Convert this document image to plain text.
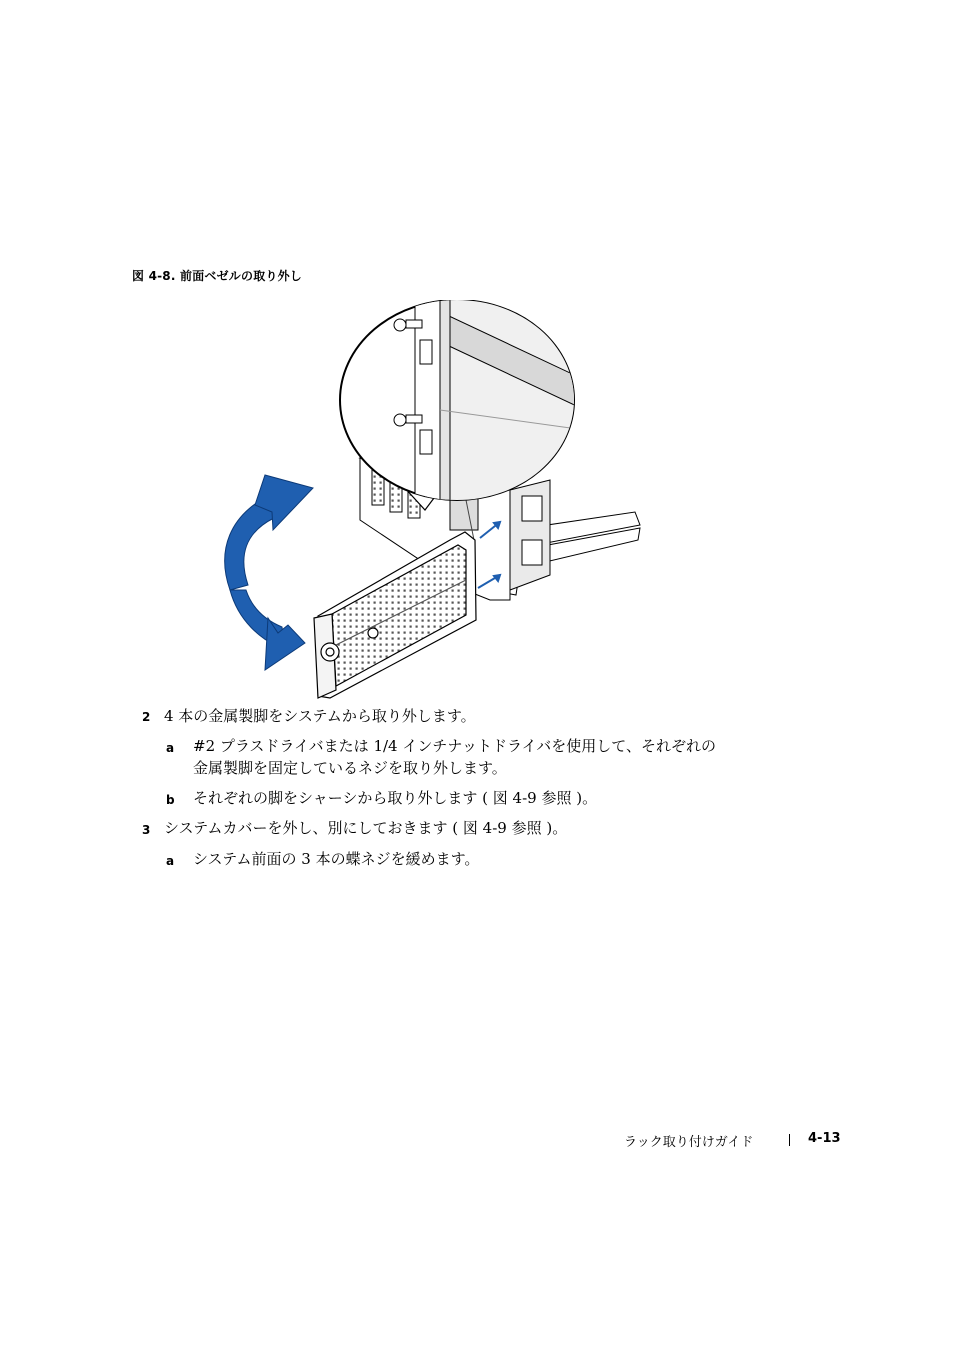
図 4-8. 前面ベゼルの取り外し
2 4 本の金属製脚をシステムから取り外します。
a #2 プラスドライバまたは 1/4 インチナットドライバを使用して、それぞれの
金属製脚を固定しているネジを取り外します。
b それぞれの脚をシャーシから取り外します ( 図 4-9 参照 )。
3 システムカバーを外し、別にしておきます ( 図 4-9 参照 )。
a システム前面の 3 本の蝶ネジを緩めます。
ラック取り付けガイド	4-13
